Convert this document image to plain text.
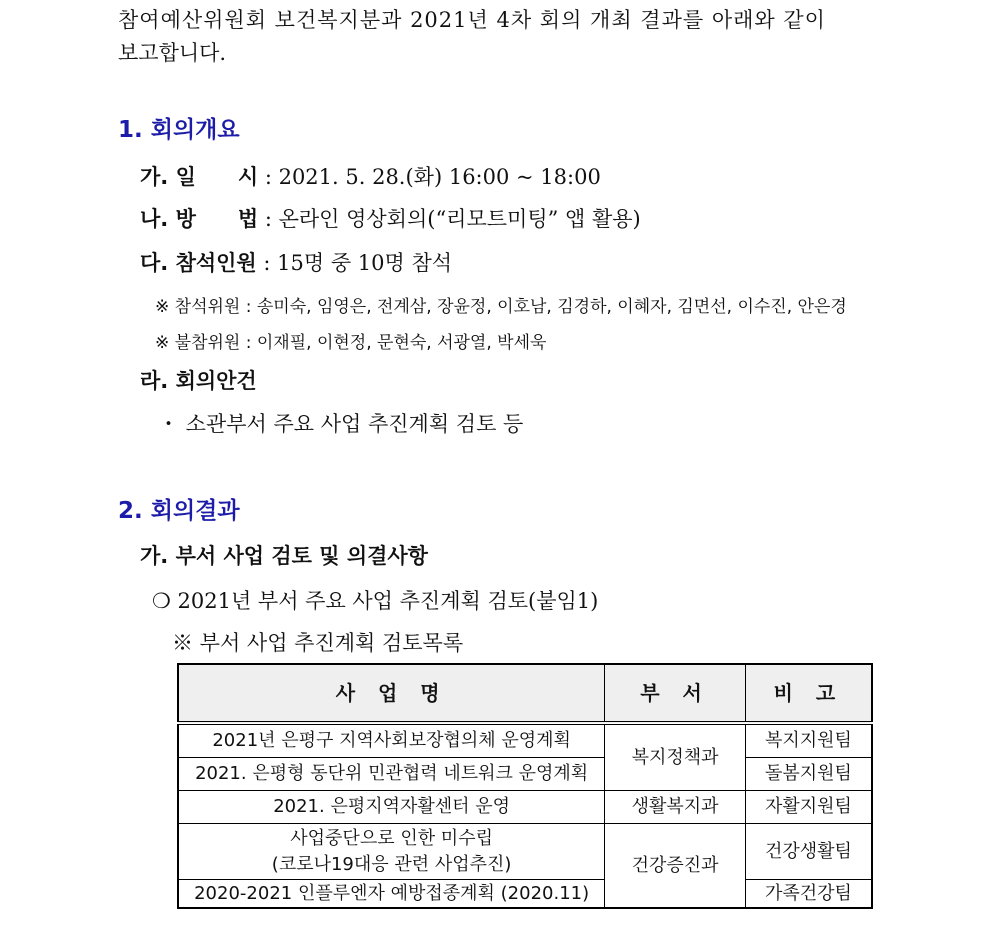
참여예산위원회 보건복지분과 2021년 4차 회의 개최 결과를 아래와 같이
보고합니다.
1. 회의개요
가. 일　　시 : 2021. 5. 28.(화) 16:00 ~ 18:00
나. 방　　법 : 온라인 영상회의(“리모트미팅” 앱 활용)
다. 참석인원 : 15명 중 10명 참석
※ 참석위원 : 송미숙, 임영은, 전계삼, 장윤정, 이호남, 김경하, 이혜자, 김면선, 이수진, 안은경
※ 불참위원 : 이재필, 이현정, 문현숙, 서광열, 박세욱
라. 회의안건
・ 소관부서 주요 사업 추진계획 검토 등
2. 회의결과
가. 부서 사업 검토 및 의결사항
❍ 2021년 부서 주요 사업 추진계획 검토(붙임1)
※ 부서 사업 추진계획 검토목록
사 업 명	부 서	비 고
2021년 은평구 지역사회보장협의체 운영계획	복지정책과	복지지원팀
2021. 은평형 동단위 민관협력 네트워크 운영계획		돌봄지원팀
2021. 은평지역자활센터 운영	생활복지과	자활지원팀

사업중단으로 인한 미수립
(코로나19대응 관련 사업추진)	건강증진과	건강생활팀
2020-2021 인플루엔자 예방접종계획 (2020.11)		가족건강팀
